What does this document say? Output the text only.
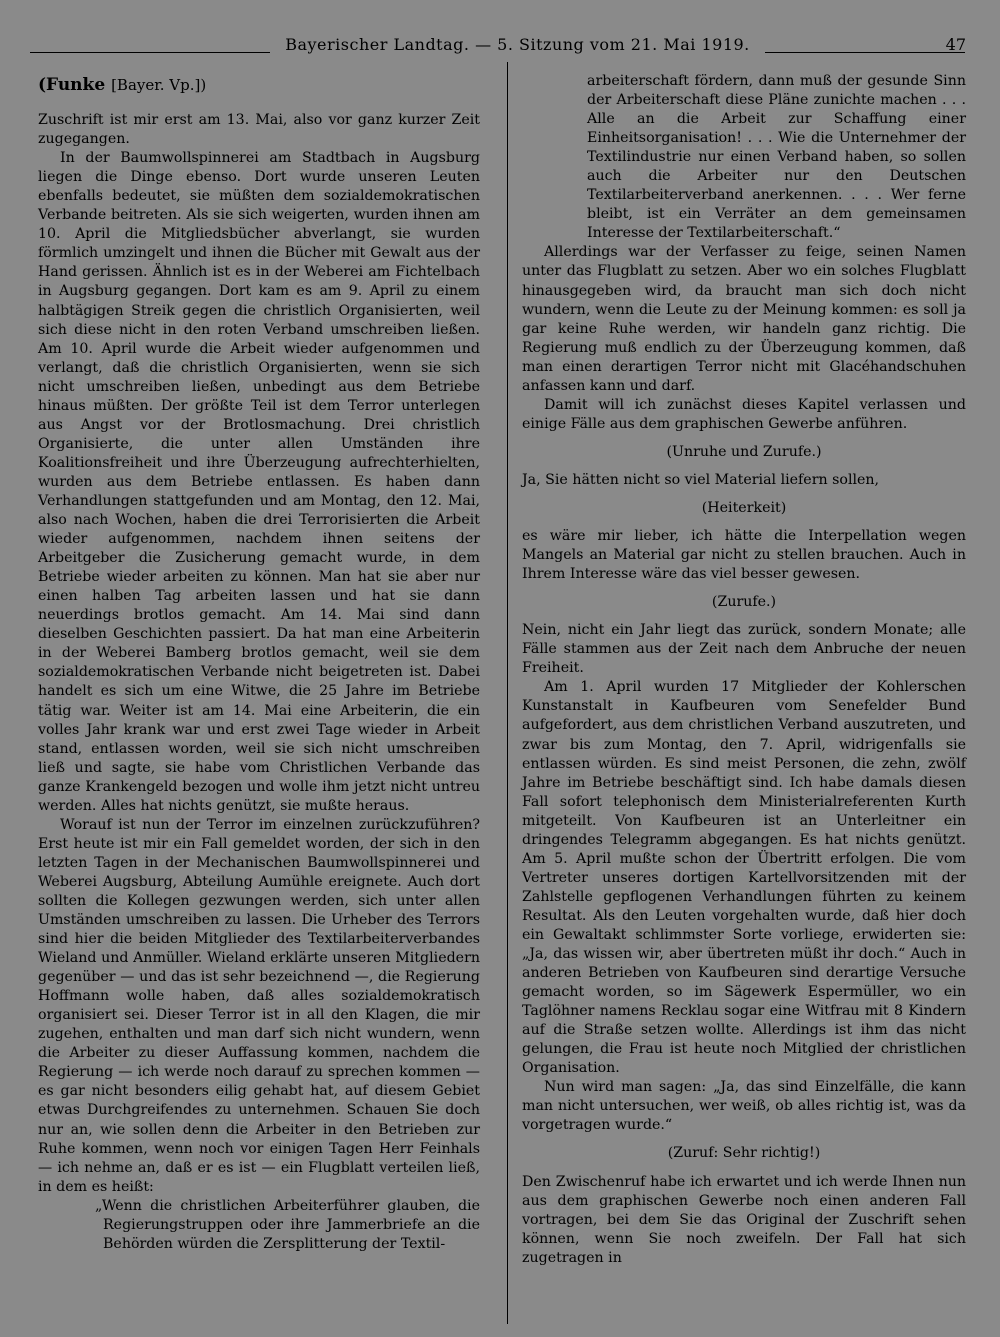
Bayerischer Landtag. — 5. Sitzung vom 21. Mai 1919.	47

(Funke [Bayer. Vp.])

Zuschrift ist mir erst am 13. Mai, also vor ganz kurzer Zeit zugegangen.

In der Baumwollspinnerei am Stadtbach in Augsburg liegen die Dinge ebenso. Dort wurde unseren Leuten ebenfalls bedeutet, sie müßten dem sozialdemokratischen Verbande beitreten. Als sie sich weigerten, wurden ihnen am 10. April die Mitgliedsbücher abverlangt, sie wurden förmlich umzingelt und ihnen die Bücher mit Gewalt aus der Hand gerissen. Ähnlich ist es in der Weberei am Fichtelbach in Augsburg gegangen. Dort kam es am 9. April zu einem halbtägigen Streik gegen die christlich Organisierten, weil sich diese nicht in den roten Verband umschreiben ließen. Am 10. April wurde die Arbeit wieder aufgenommen und verlangt, daß die christlich Organisierten, wenn sie sich nicht umschreiben ließen, unbedingt aus dem Betriebe hinaus müßten. Der größte Teil ist dem Terror unterlegen aus Angst vor der Brotlosmachung. Drei christlich Organisierte, die unter allen Umständen ihre Koalitionsfreiheit und ihre Überzeugung aufrechterhielten, wurden aus dem Betriebe entlassen. Es haben dann Verhandlungen stattgefunden und am Montag, den 12. Mai, also nach Wochen, haben die drei Terrorisierten die Arbeit wieder aufgenommen, nachdem ihnen seitens der Arbeitgeber die Zusicherung gemacht wurde, in dem Betriebe wieder arbeiten zu können. Man hat sie aber nur einen halben Tag arbeiten lassen und hat sie dann neuerdings brotlos gemacht. Am 14. Mai sind dann dieselben Geschichten passiert. Da hat man eine Arbeiterin in der Weberei Bamberg brotlos gemacht, weil sie dem sozialdemokratischen Verbande nicht beigetreten ist. Dabei handelt es sich um eine Witwe, die 25 Jahre im Betriebe tätig war. Weiter ist am 14. Mai eine Arbeiterin, die ein volles Jahr krank war und erst zwei Tage wieder in Arbeit stand, entlassen worden, weil sie sich nicht umschreiben ließ und sagte, sie habe vom Christlichen Verbande das ganze Krankengeld bezogen und wolle ihm jetzt nicht untreu werden. Alles hat nichts genützt, sie mußte heraus.

Worauf ist nun der Terror im einzelnen zurückzuführen? Erst heute ist mir ein Fall gemeldet worden, der sich in den letzten Tagen in der Mechanischen Baumwollspinnerei und Weberei Augsburg, Abteilung Aumühle ereignete. Auch dort sollten die Kollegen gezwungen werden, sich unter allen Umständen umschreiben zu lassen. Die Urheber des Terrors sind hier die beiden Mitglieder des Textilarbeiterverbandes Wieland und Anmüller. Wieland erklärte unseren Mitgliedern gegenüber — und das ist sehr bezeichnend —, die Regierung Hoffmann wolle haben, daß alles sozialdemokratisch organisiert sei. Dieser Terror ist in all den Klagen, die mir zugehen, enthalten und man darf sich nicht wundern, wenn die Arbeiter zu dieser Auffassung kommen, nachdem die Regierung — ich werde noch darauf zu sprechen kommen — es gar nicht besonders eilig gehabt hat, auf diesem Gebiet etwas Durchgreifendes zu unternehmen. Schauen Sie doch nur an, wie sollen denn die Arbeiter in den Betrieben zur Ruhe kommen, wenn noch vor einigen Tagen Herr Feinhals — ich nehme an, daß er es ist — ein Flugblatt verteilen ließ, in dem es heißt:

„Wenn die christlichen Arbeiterführer glauben, die Regierungstruppen oder ihre Jammerbriefe an die Behörden würden die Zersplitterung der Textil-

arbeiterschaft fördern, dann muß der gesunde Sinn der Arbeiterschaft diese Pläne zunichte machen . . . Alle an die Arbeit zur Schaffung einer Einheitsorganisation! . . . Wie die Unternehmer der Textilindustrie nur einen Verband haben, so sollen auch die Arbeiter nur den Deutschen Textilarbeiterverband anerkennen. . . . Wer ferne bleibt, ist ein Verräter an dem gemeinsamen Interesse der Textilarbeiterschaft.“

Allerdings war der Verfasser zu feige, seinen Namen unter das Flugblatt zu setzen. Aber wo ein solches Flugblatt hinausgegeben wird, da braucht man sich doch nicht wundern, wenn die Leute zu der Meinung kommen: es soll ja gar keine Ruhe werden, wir handeln ganz richtig. Die Regierung muß endlich zu der Überzeugung kommen, daß man einen derartigen Terror nicht mit Glacéhandschuhen anfassen kann und darf.

Damit will ich zunächst dieses Kapitel verlassen und einige Fälle aus dem graphischen Gewerbe anführen.

(Unruhe und Zurufe.)

Ja, Sie hätten nicht so viel Material liefern sollen,

(Heiterkeit)

es wäre mir lieber, ich hätte die Interpellation wegen Mangels an Material gar nicht zu stellen brauchen. Auch in Ihrem Interesse wäre das viel besser gewesen.

(Zurufe.)

Nein, nicht ein Jahr liegt das zurück, sondern Monate; alle Fälle stammen aus der Zeit nach dem Anbruche der neuen Freiheit.

Am 1. April wurden 17 Mitglieder der Kohlerschen Kunstanstalt in Kaufbeuren vom Senefelder Bund aufgefordert, aus dem christlichen Verband auszutreten, und zwar bis zum Montag, den 7. April, widrigenfalls sie entlassen würden. Es sind meist Personen, die zehn, zwölf Jahre im Betriebe beschäftigt sind. Ich habe damals diesen Fall sofort telephonisch dem Ministerialreferenten Kurth mitgeteilt. Von Kaufbeuren ist an Unterleitner ein dringendes Telegramm abgegangen. Es hat nichts genützt. Am 5. April mußte schon der Übertritt erfolgen. Die vom Vertreter unseres dortigen Kartellvorsitzenden mit der Zahlstelle gepflogenen Verhandlungen führten zu keinem Resultat. Als den Leuten vorgehalten wurde, daß hier doch ein Gewaltakt schlimmster Sorte vorliege, erwiderten sie: „Ja, das wissen wir, aber übertreten müßt ihr doch.“ Auch in anderen Betrieben von Kaufbeuren sind derartige Versuche gemacht worden, so im Sägewerk Espermüller, wo ein Taglöhner namens Recklau sogar eine Witfrau mit 8 Kindern auf die Straße setzen wollte. Allerdings ist ihm das nicht gelungen, die Frau ist heute noch Mitglied der christlichen Organisation.

Nun wird man sagen: „Ja, das sind Einzelfälle, die kann man nicht untersuchen, wer weiß, ob alles richtig ist, was da vorgetragen wurde.“

(Zuruf: Sehr richtig!)

Den Zwischenruf habe ich erwartet und ich werde Ihnen nun aus dem graphischen Gewerbe noch einen anderen Fall vortragen, bei dem Sie das Original der Zuschrift sehen können, wenn Sie noch zweifeln. Der Fall hat sich zugetragen in
